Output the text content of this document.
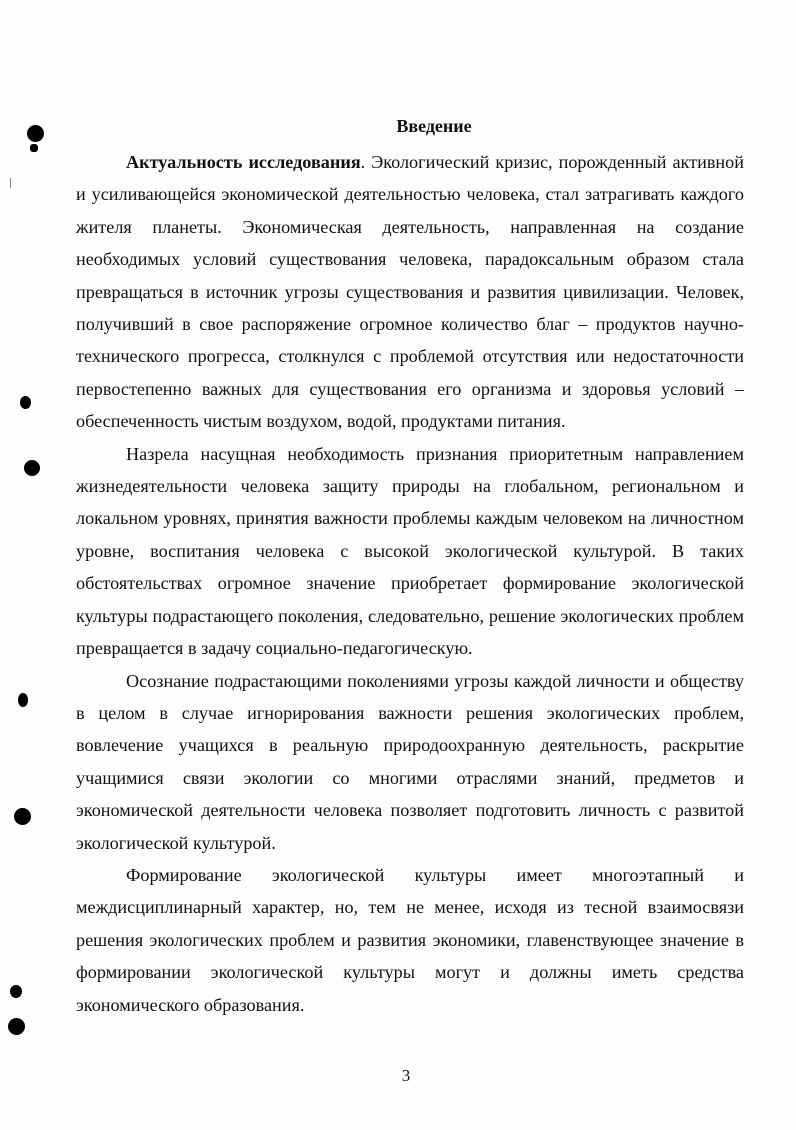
Введение

Актуальность исследования. Экологический кризис, порожденный активной и усиливающейся экономической деятельностью человека, стал затрагивать каждого жителя планеты. Экономическая деятельность, направленная на создание необходимых условий существования человека, парадоксальным образом стала превращаться в источник угрозы существования и развития цивилизации. Человек, получивший в свое распоряжение огромное количество благ – продуктов научно-технического прогресса, столкнулся с проблемой отсутствия или недостаточности первостепенно важных для существования его организма и здоровья условий – обеспеченность чистым воздухом, водой, продуктами питания.

Назрела насущная необходимость признания приоритетным направлением жизнедеятельности человека защиту природы на глобальном, региональном и локальном уровнях, принятия важности проблемы каждым человеком на личностном уровне, воспитания человека с высокой экологической культурой. В таких обстоятельствах огромное значение приобретает формирование экологической культуры подрастающего поколения, следовательно, решение экологических проблем превращается в задачу социально-педагогическую.

Осознание подрастающими поколениями угрозы каждой личности и обществу в целом в случае игнорирования важности решения экологических проблем, вовлечение учащихся в реальную природоохранную деятельность, раскрытие учащимися связи экологии со многими отраслями знаний, предметов и экономической деятельности человека позволяет подготовить личность с развитой экологической культурой.

Формирование экологической культуры имеет многоэтапный и междисциплинарный характер, но, тем не менее, исходя из тесной взаимосвязи решения экологических проблем и развития экономики, главенствующее значение в формировании экологической культуры могут и должны иметь средства экономического образования.

3
